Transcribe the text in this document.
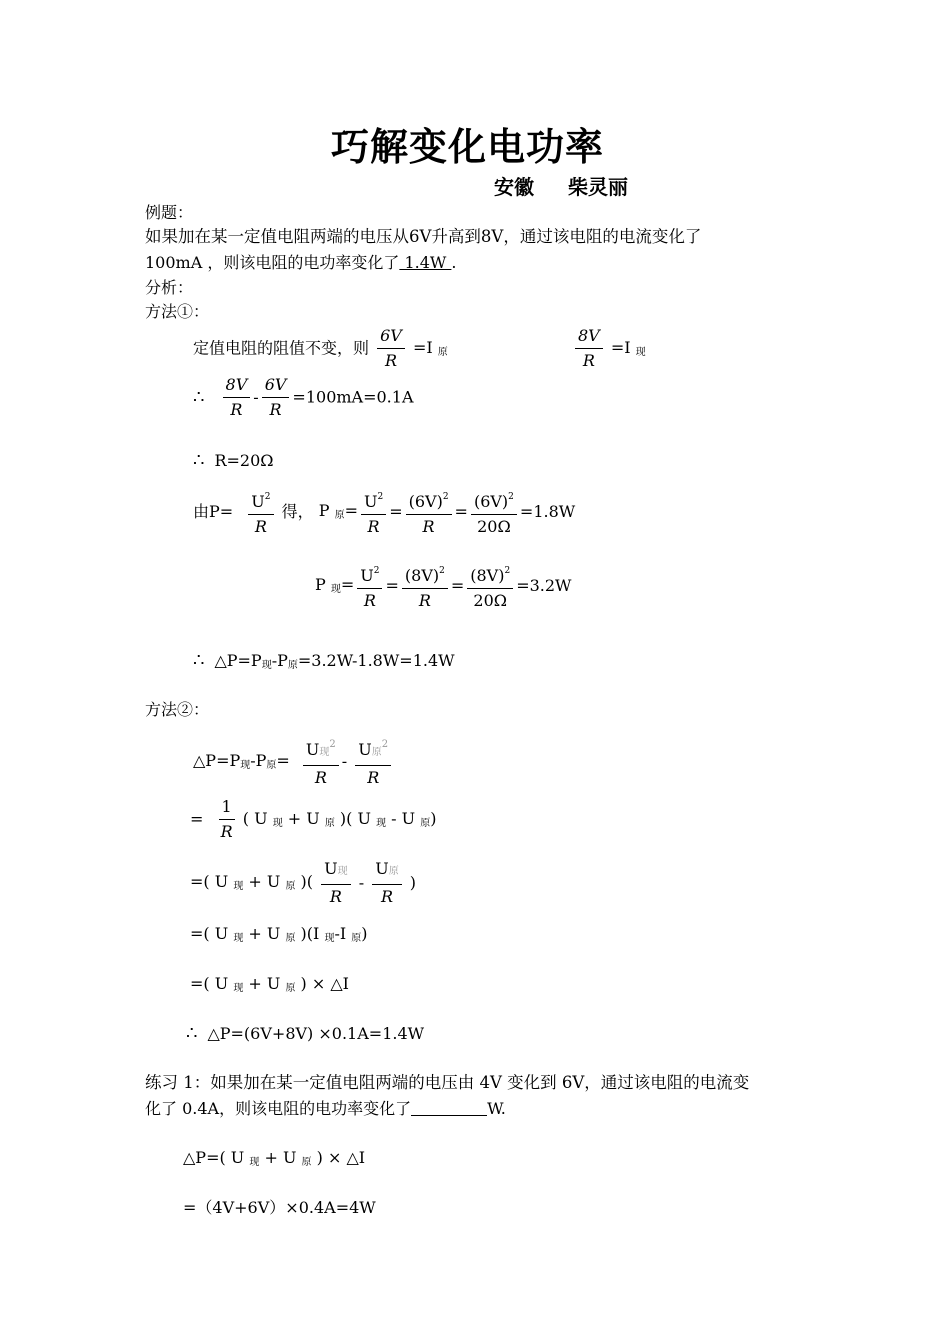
巧解变化电功率
安徽 柴灵丽
例题：
如果加在某一定值电阻两端的电压从6V升高到8V，通过该电阻的电流变化了
100mA ，则该电阻的电功率变化了 1.4W .
分析：
方法①：
定值电阻的阻值不变，则 $\frac{6V}{R} =I$ $_原$	$\frac{8V}{R} =I$ $_现$
∴ $\frac{8V}{R} - \frac{6V}{R} =100mA=0.1A$
∴ R=20Ω
由$P= \frac{U^2}{R}$ 得， P $_原= \frac{U^2}{R} = \frac{(6V)^2}{R} = \frac{(6V)^2}{20\Omega} =1.8W$
P $_现= \frac{U^2}{R} = \frac{(8V)^2}{R} = \frac{(8V)^2}{20\Omega} =3.2W$
∴ $\triangle P=P_现-P_原=3.2W-1.8W=1.4W$
方法②：
$\triangle P=P_现-P_原= \frac{U现^2}{R} - \frac{U原^2}{R}$
= $\frac{1}{R}$ ( U $_现$ + U $_原$ )( U $_现$ - U $_原$)
=( U $_现$ + U $_原$ )( $\frac{\text{U现}}{R} - \frac{\text{U原}}{R}$ )
=( U $_现$ + U $_原$ )(I $_现$-I $_原$)
=( U $_现$ + U $_原$ ) × △I
∴ △P=(6V+8V) ×0.1A=1.4W
练习 1：如果加在某一定值电阻两端的电压由 4V 变化到 6V，通过该电阻的电流变
化了 0.4A，则该电阻的电功率变化了	W.
△P=( U $_现$ + U $_原$ ) × △I
=（4V+6V）×0.4A=4W
